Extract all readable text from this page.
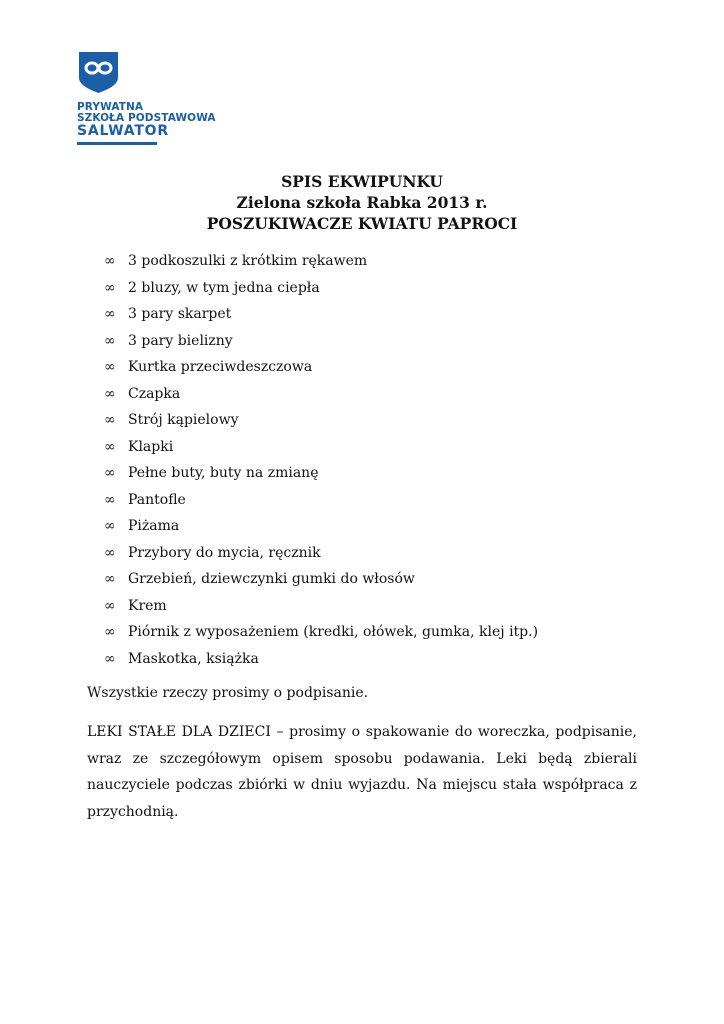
PRYWATNA
SZKOŁA PODSTAWOWA
SALWATOR
SPIS EKWIPUNKU
Zielona szkoła Rabka 2013 r.
POSZUKIWACZE KWIATU PAPROCI
∞ 3 podkoszulki z krótkim rękawem
∞ 2 bluzy, w tym jedna ciepła
∞ 3 pary skarpet
∞ 3 pary bielizny
∞ Kurtka przeciwdeszczowa
∞ Czapka
∞ Strój kąpielowy
∞ Klapki
∞ Pełne buty, buty na zmianę
∞ Pantofle
∞ Piżama
∞ Przybory do mycia, ręcznik
∞ Grzebień, dziewczynki gumki do włosów
∞ Krem
∞ Piórnik z wyposażeniem (kredki, ołówek, gumka, klej itp.)
∞ Maskotka, książka

Wszystkie rzeczy prosimy o podpisanie.

LEKI STAŁE DLA DZIECI – prosimy o spakowanie do woreczka, podpisanie, wraz ze szczegółowym opisem sposobu podawania. Leki będą zbierali nauczyciele podczas zbiórki w dniu wyjazdu. Na miejscu stała współpraca z przychodnią.
